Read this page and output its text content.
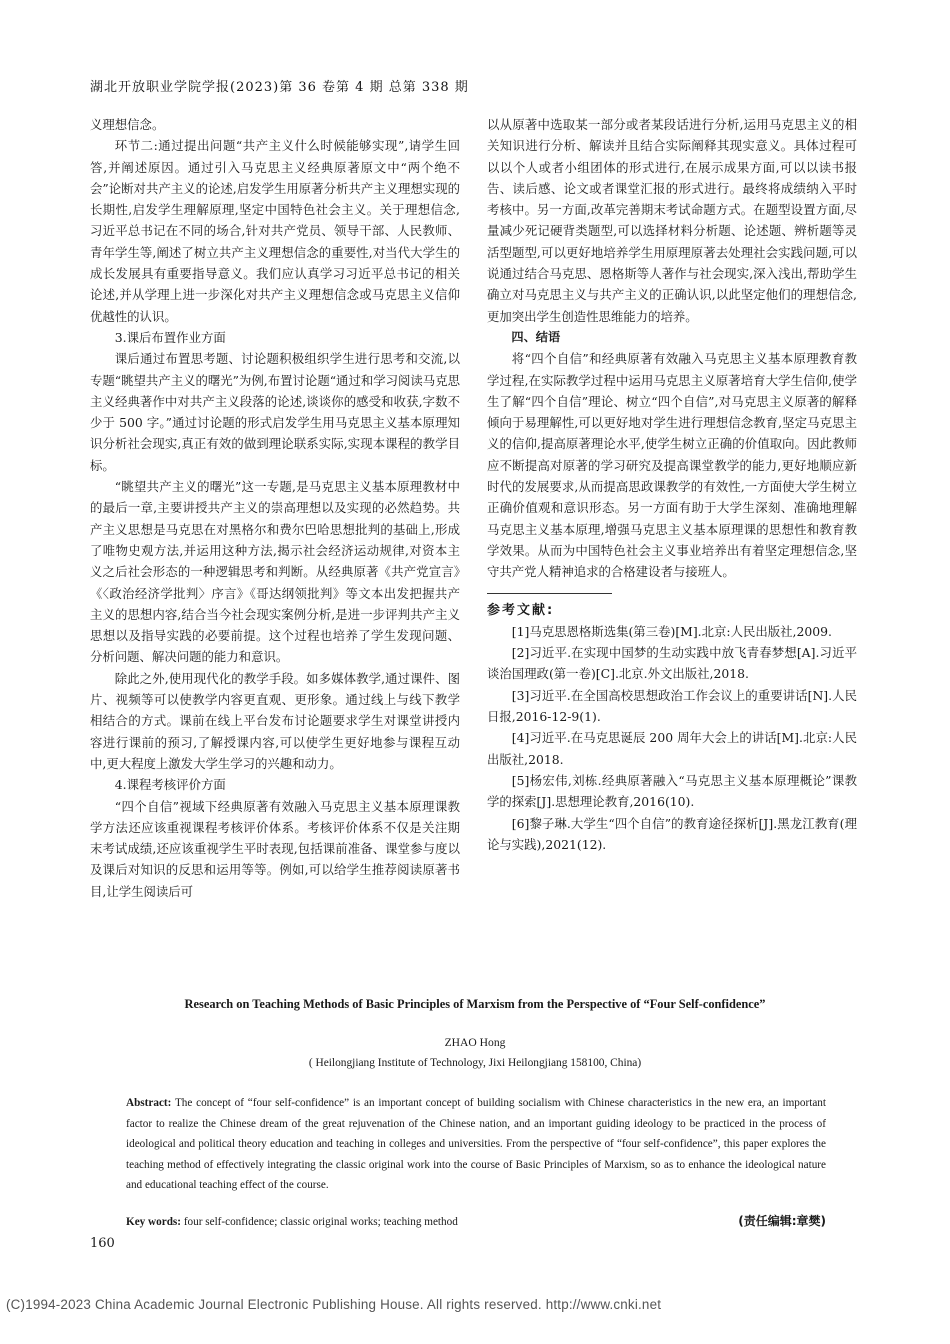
湖北开放职业学院学报(2023)第 36 卷第 4 期 总第 338 期

义理想信念。

环节二:通过提出问题“共产主义什么时候能够实现”,请学生回答,并阐述原因。通过引入马克思主义经典原著原文中“两个绝不会”论断对共产主义的论述,启发学生用原著分析共产主义理想实现的长期性,启发学生理解原理,坚定中国特色社会主义。关于理想信念,习近平总书记在不同的场合,针对共产党员、领导干部、人民教师、青年学生等,阐述了树立共产主义理想信念的重要性,对当代大学生的成长发展具有重要指导意义。我们应认真学习习近平总书记的相关论述,并从学理上进一步深化对共产主义理想信念或马克思主义信仰优越性的认识。

3.课后布置作业方面

课后通过布置思考题、讨论题积极组织学生进行思考和交流,以专题“眺望共产主义的曙光”为例,布置讨论题“通过和学习阅读马克思主义经典著作中对共产主义段落的论述,谈谈你的感受和收获,字数不少于 500 字。”通过讨论题的形式启发学生用马克思主义基本原理知识分析社会现实,真正有效的做到理论联系实际,实现本课程的教学目标。

“眺望共产主义的曙光”这一专题,是马克思主义基本原理教材中的最后一章,主要讲授共产主义的崇高理想以及实现的必然趋势。共产主义思想是马克思在对黑格尔和费尔巴哈思想批判的基础上,形成了唯物史观方法,并运用这种方法,揭示社会经济运动规律,对资本主义之后社会形态的一种逻辑思考和判断。从经典原著《共产党宣言》《〈政治经济学批判〉序言》《哥达纲领批判》等文本出发把握共产主义的思想内容,结合当今社会现实案例分析,是进一步评判共产主义思想以及指导实践的必要前提。这个过程也培养了学生发现问题、分析问题、解决问题的能力和意识。

除此之外,使用现代化的教学手段。如多媒体教学,通过课件、图片、视频等可以使教学内容更直观、更形象。通过线上与线下教学相结合的方式。课前在线上平台发布讨论题要求学生对课堂讲授内容进行课前的预习,了解授课内容,可以使学生更好地参与课程互动中,更大程度上激发大学生学习的兴趣和动力。

4.课程考核评价方面

“四个自信”视域下经典原著有效融入马克思主义基本原理课教学方法还应该重视课程考核评价体系。考核评价体系不仅是关注期末考试成绩,还应该重视学生平时表现,包括课前准备、课堂参与度以及课后对知识的反思和运用等等。例如,可以给学生推荐阅读原著书目,让学生阅读后可

以从原著中选取某一部分或者某段话进行分析,运用马克思主义的相关知识进行分析、解读并且结合实际阐释其现实意义。具体过程可以以个人或者小组团体的形式进行,在展示成果方面,可以以读书报告、读后感、论文或者课堂汇报的形式进行。最终将成绩纳入平时考核中。另一方面,改革完善期末考试命题方式。在题型设置方面,尽量减少死记硬背类题型,可以选择材料分析题、论述题、辨析题等灵活型题型,可以更好地培养学生用原理原著去处理社会实践问题,可以说通过结合马克思、恩格斯等人著作与社会现实,深入浅出,帮助学生确立对马克思主义与共产主义的正确认识,以此坚定他们的理想信念,更加突出学生创造性思维能力的培养。

四、结语

将“四个自信”和经典原著有效融入马克思主义基本原理教育教学过程,在实际教学过程中运用马克思主义原著培育大学生信仰,使学生了解“四个自信”理论、树立“四个自信”,对马克思主义原著的解释倾向于易理解性,可以更好地对学生进行理想信念教育,坚定马克思主义的信仰,提高原著理论水平,使学生树立正确的价值取向。因此教师应不断提高对原著的学习研究及提高课堂教学的能力,更好地顺应新时代的发展要求,从而提高思政课教学的有效性,一方面使大学生树立正确价值观和意识形态。另一方面有助于大学生深刻、准确地理解马克思主义基本原理,增强马克思主义基本原理课的思想性和教育教学效果。从而为中国特色社会主义事业培养出有着坚定理想信念,坚守共产党人精神追求的合格建设者与接班人。

参考文献:

[1]马克思恩格斯选集(第三卷)[M].北京:人民出版社,2009.

[2]习近平.在实现中国梦的生动实践中放飞青春梦想[A].习近平谈治国理政(第一卷)[C].北京.外文出版社,2018.

[3]习近平.在全国高校思想政治工作会议上的重要讲话[N].人民日报,2016-12-9(1).

[4]习近平.在马克思诞辰 200 周年大会上的讲话[M].北京:人民出版社,2018.

[5]杨宏伟,刘栋.经典原著融入“马克思主义基本原理概论”课教学的探索[J].思想理论教育,2016(10).

[6]黎子琳.大学生“四个自信”的教育途径探析[J].黑龙江教育(理论与实践),2021(12).

Research on Teaching Methods of Basic Principles of Marxism from the Perspective of “Four Self-confidence”
ZHAO Hong
( Heilongjiang Institute of Technology, Jixi Heilongjiang 158100, China)
Abstract: The concept of “four self-confidence” is an important concept of building socialism with Chinese characteristics in the new era, an important factor to realize the Chinese dream of the great rejuvenation of the Chinese nation, and an important guiding ideology to be practiced in the process of ideological and political theory education and teaching in colleges and universities. From the perspective of “four self-confidence”, this paper explores the teaching method of effectively integrating the classic original work into the course of Basic Principles of Marxism, so as to enhance the ideological nature and educational teaching effect of the course.
Key words: four self-confidence; classic original works; teaching method	(责任编辑:章樊)
160
(C)1994-2023 China Academic Journal Electronic Publishing House. All rights reserved. http://www.cnki.net
